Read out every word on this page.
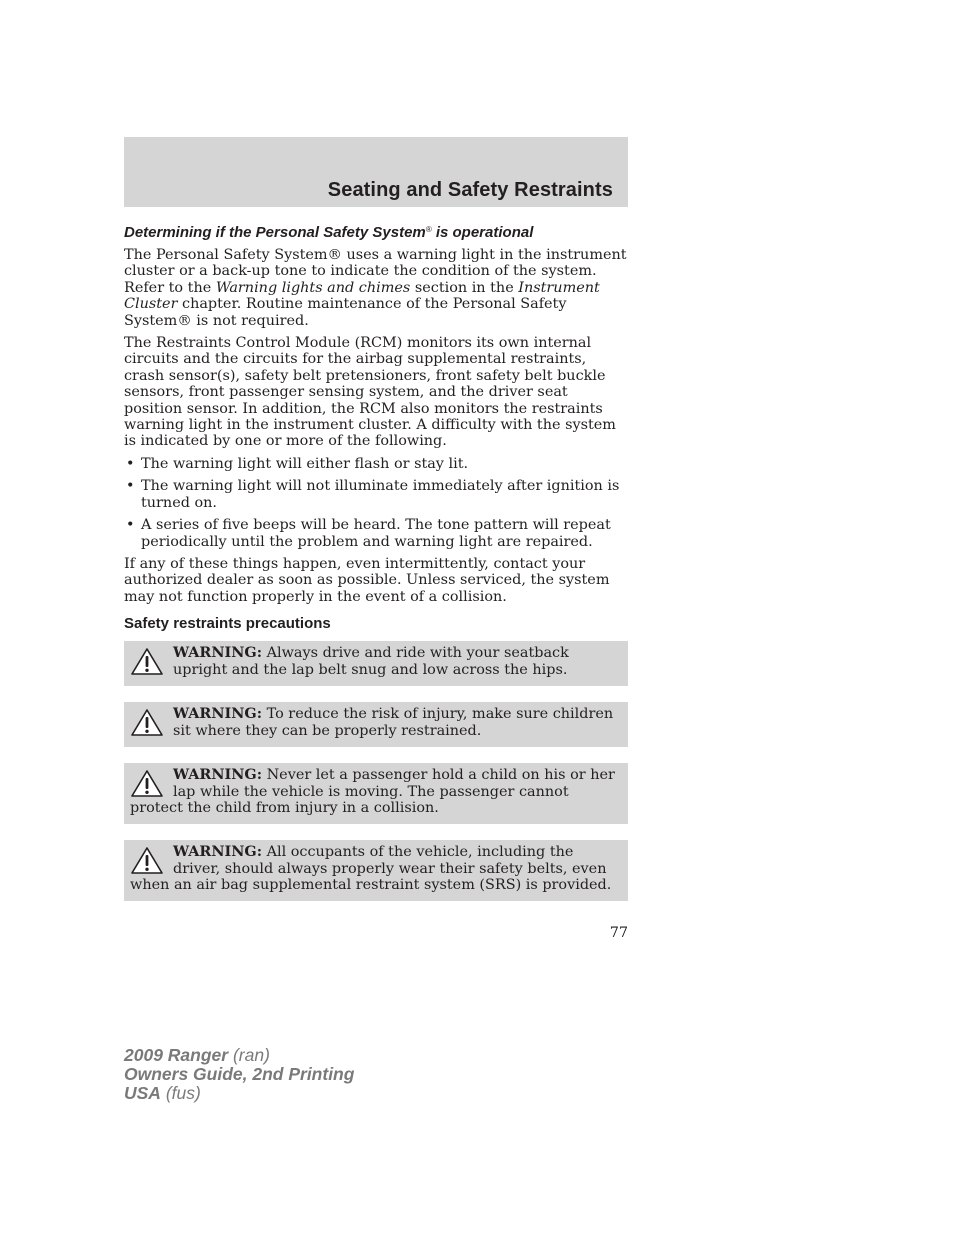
Seating and Safety Restraints
Determining if the Personal Safety System® is operational

The Personal Safety System® uses a warning light in the instrument cluster or a back-up tone to indicate the condition of the system. Refer to the Warning lights and chimes section in the Instrument Cluster chapter. Routine maintenance of the Personal Safety System® is not required.

The Restraints Control Module (RCM) monitors its own internal circuits and the circuits for the airbag supplemental restraints, crash sensor(s), safety belt pretensioners, front safety belt buckle sensors, front passenger sensing system, and the driver seat position sensor. In addition, the RCM also monitors the restraints warning light in the instrument cluster. A difficulty with the system is indicated by one or more of the following.

• The warning light will either flash or stay lit.
• The warning light will not illuminate immediately after ignition is turned on.
• A series of five beeps will be heard. The tone pattern will repeat periodically until the problem and warning light are repaired.

If any of these things happen, even intermittently, contact your authorized dealer as soon as possible. Unless serviced, the system may not function properly in the event of a collision.

Safety restraints precautions
WARNING: Always drive and ride with your seatback upright and the lap belt snug and low across the hips.
WARNING: To reduce the risk of injury, make sure children sit where they can be properly restrained.
WARNING: Never let a passenger hold a child on his or her lap while the vehicle is moving. The passenger cannot protect the child from injury in a collision.
WARNING: All occupants of the vehicle, including the driver, should always properly wear their safety belts, even when an air bag supplemental restraint system (SRS) is provided.
77
2009 Ranger (ran)
Owners Guide, 2nd Printing
USA (fus)
